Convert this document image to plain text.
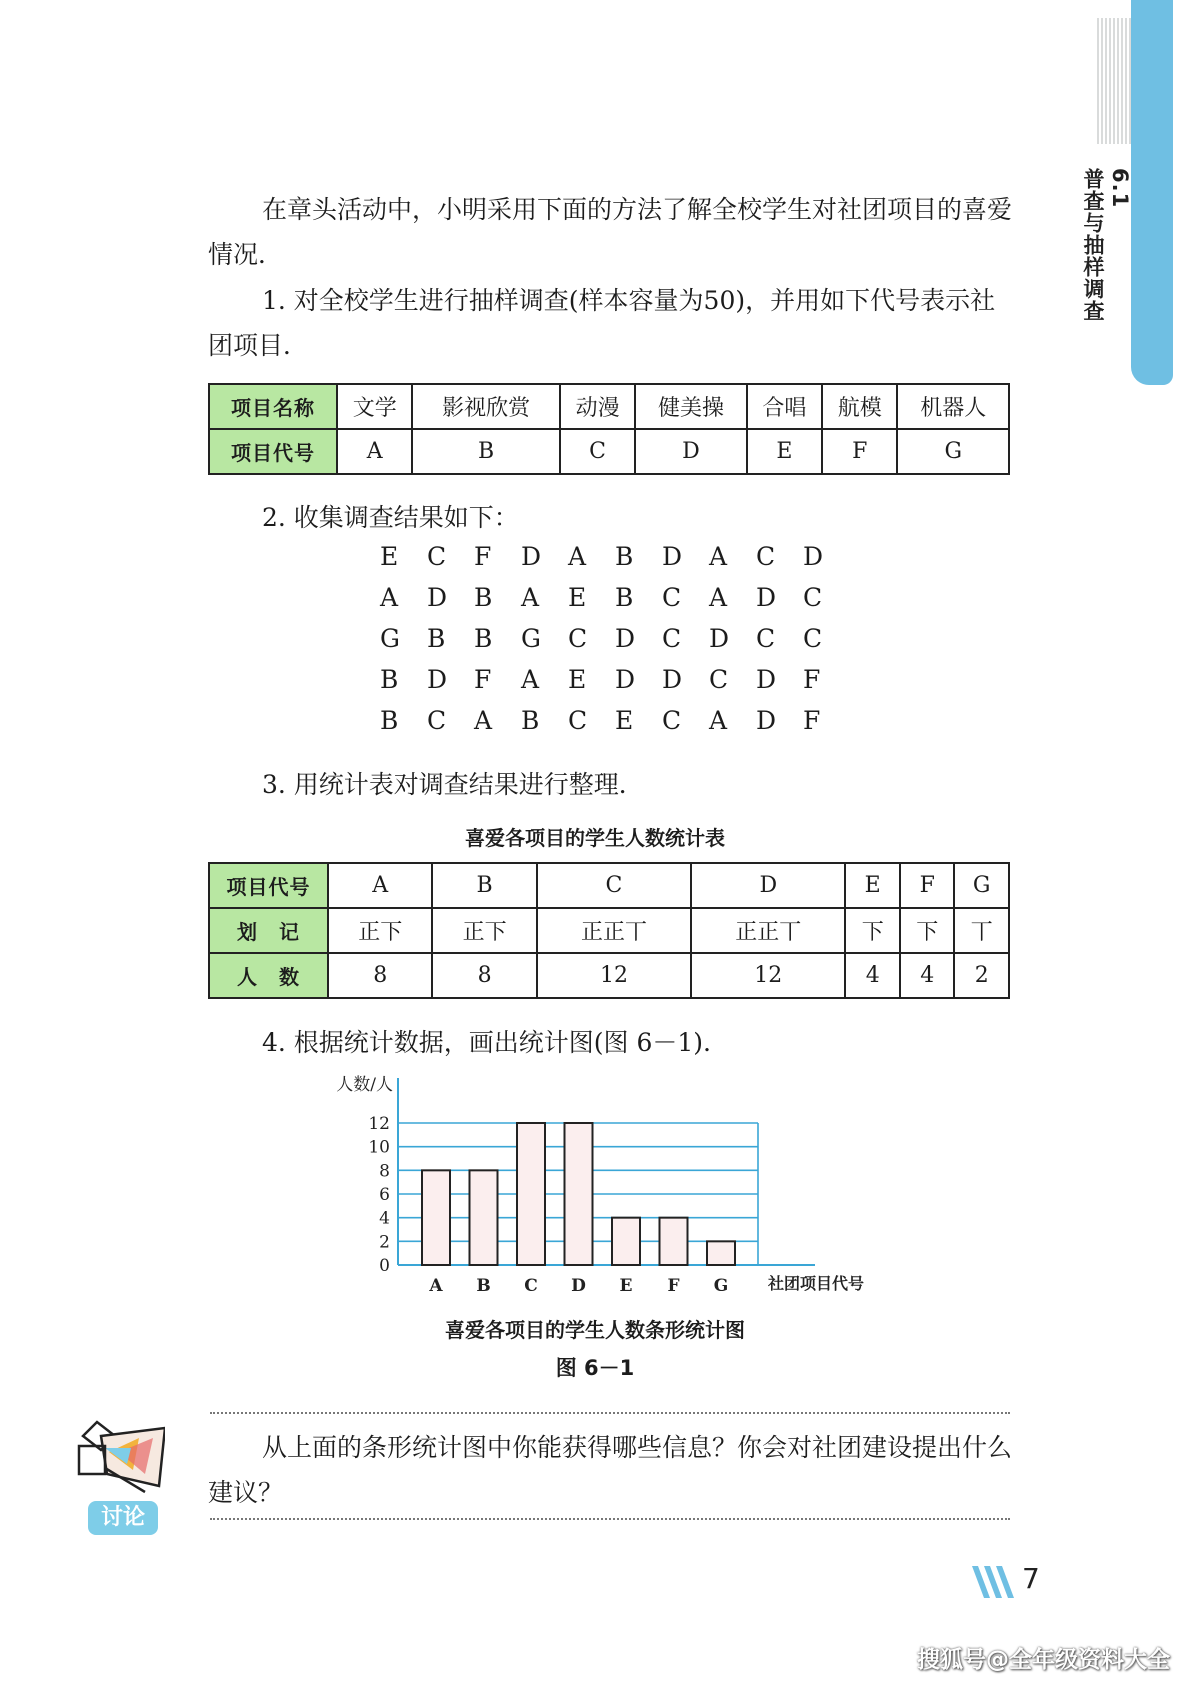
6.1
普查与抽样调查

在章头活动中，小明采用下面的方法了解全校学生对社团项目的喜爱情况．

1. 对全校学生进行抽样调查(样本容量为50)，并用如下代号表示社团项目．

项目名称	文学	影视欣赏	动漫	健美操	合唱	航模	机器人
项目代号	A	B	C	D	E	F	G

2. 收集调查结果如下：

E	C	F	D	A	B	D	A	C	D
A	D	B	A	E	B	C	A	D	C
G	B	B	G	C	D	C	D	C	C
B	D	F	A	E	D	D	C	D	F
B	C	A	B	C	E	C	A	D	F

3. 用统计表对调查结果进行整理．

喜爱各项目的学生人数统计表
项目代号	A	B	C	D	E	F	G
划　记	正下	正下	正正丅	正正丅	下	下	丅
人　数	8	8	12	12	4	4	2

4. 根据统计数据，画出统计图(图 6－1)．

0
2
4
6
8
10
12
人数/人
A B C D E F G 社团项目代号
喜爱各项目的学生人数条形统计图
图 6－1
讨论

从上面的条形统计图中你能获得哪些信息？你会对社团建设提出什么建议？

7
搜狐号@全年级资料大全
